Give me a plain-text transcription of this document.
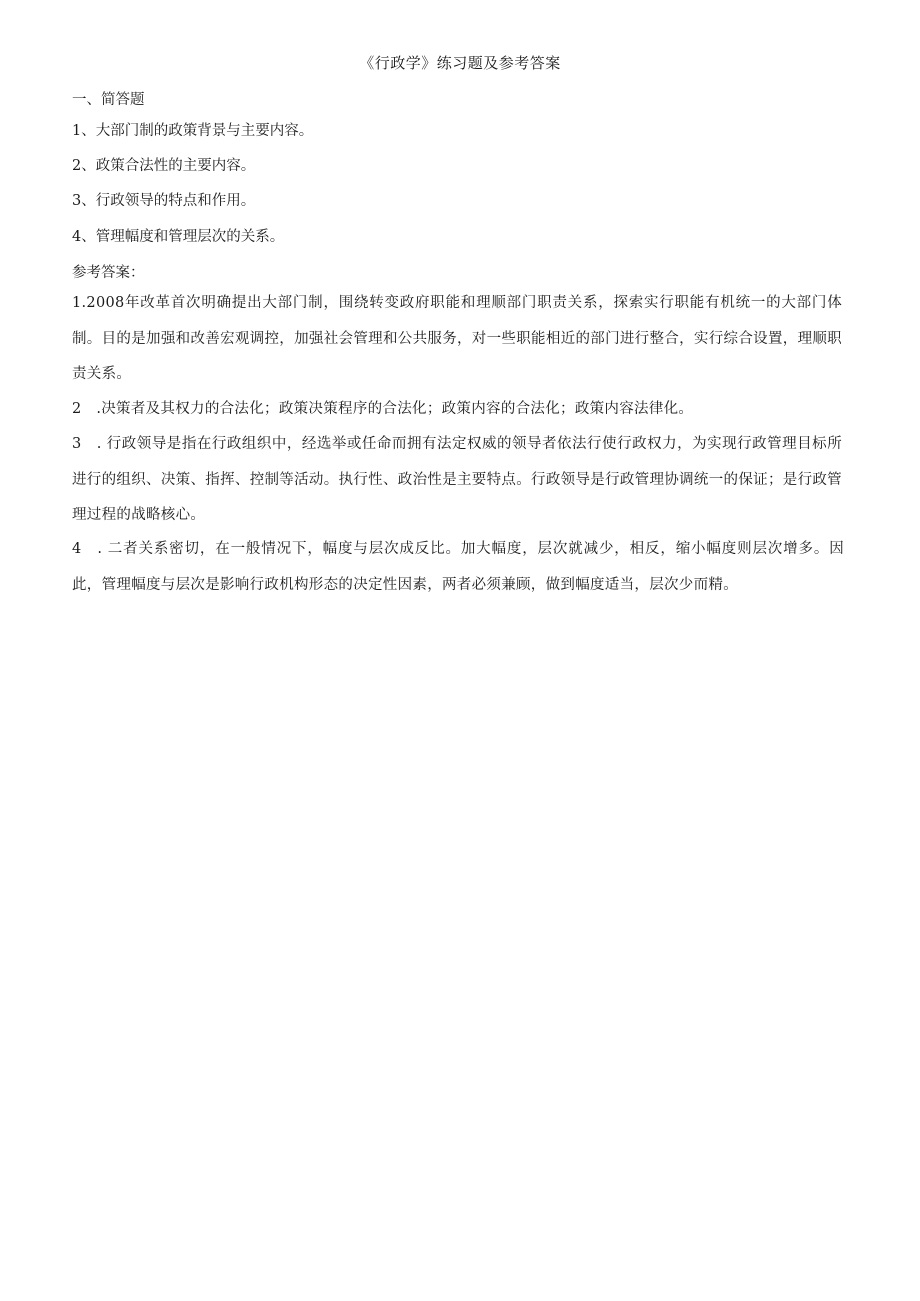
《行政学》练习题及参考答案
一、简答题
1、大部门制的政策背景与主要内容。
2、政策合法性的主要内容。
3、行政领导的特点和作用。
4、管理幅度和管理层次的关系。
参考答案：
1.2008年改革首次明确提出大部门制，围绕转变政府职能和理顺部门职责关系，探索实行职能有机统一的大部门体制。目的是加强和改善宏观调控，加强社会管理和公共服务，对一些职能相近的部门进行整合，实行综合设置，理顺职责关系。
2　.决策者及其权力的合法化；政策决策程序的合法化；政策内容的合法化；政策内容法律化。
3　. 行政领导是指在行政组织中，经选举或任命而拥有法定权威的领导者依法行使行政权力，为实现行政管理目标所进行的组织、决策、指挥、控制等活动。执行性、政治性是主要特点。行政领导是行政管理协调统一的保证；是行政管理过程的战略核心。
4　. 二者关系密切，在一般情况下，幅度与层次成反比。加大幅度，层次就减少，相反，缩小幅度则层次增多。因此，管理幅度与层次是影响行政机构形态的决定性因素，两者必须兼顾，做到幅度适当，层次少而精。
